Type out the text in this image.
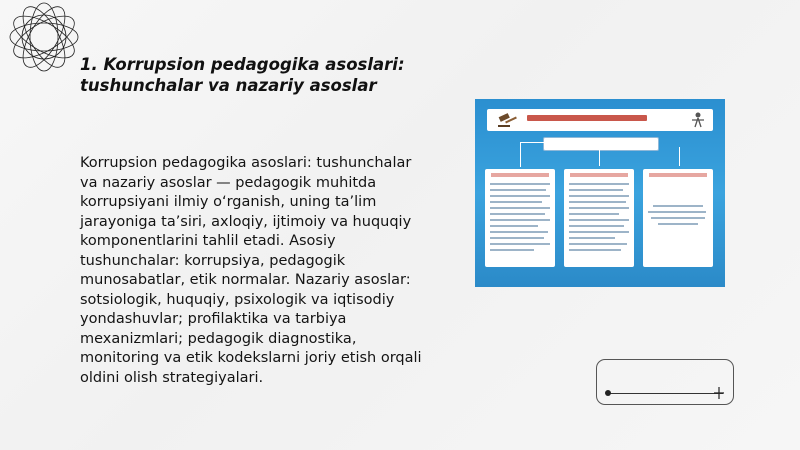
1. Korrupsion pedagogika asoslari: tushunchalar va nazariy asoslar
Korrupsion pedagogika asoslari: tushunchalar va nazariy asoslar — pedagogik muhitda korrupsiyani ilmiy o‘rganish, uning ta’lim jarayoniga ta’siri, axloqiy, ijtimoiy va huquqiy komponentlarini tahlil etadi. Asosiy tushunchalar: korrupsiya, pedagogik munosabatlar, etik normalar. Nazariy asoslar: sotsiologik, huquqiy, psixologik va iqtisodiy yondashuvlar; profilaktika va tarbiya mexanizmlari; pedagogik diagnostika, monitoring va etik kodekslarni joriy etish orqali oldini olish strategiyalari.
